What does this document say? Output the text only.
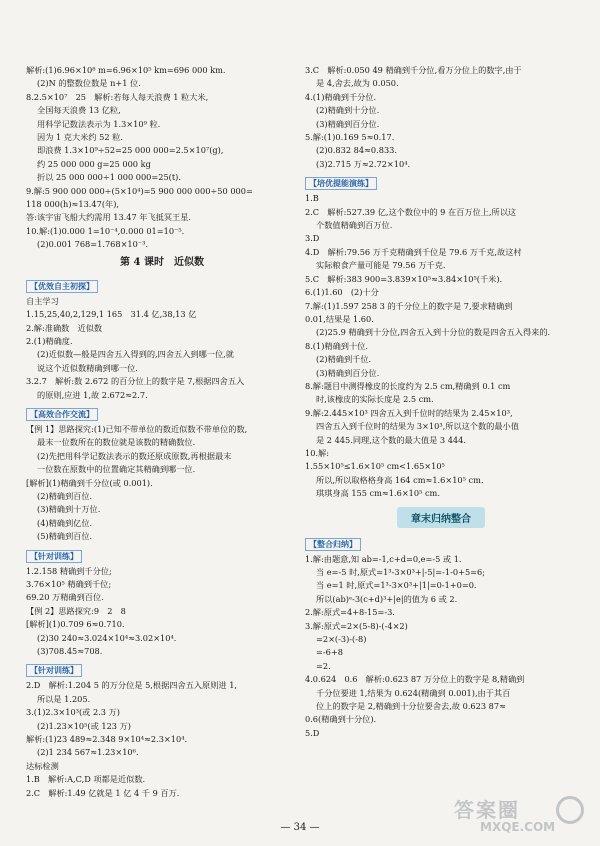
解析:(1)6.96×10⁸ m=6.96×10⁵ km=696 000 km.
(2)N 的整数位数是 n+1 位.
8.2.5×10⁷　25　解析:若每人每天浪费 1 粒大米,
全国每天浪费 13 亿粒,
用科学记数法表示为 1.3×10⁹ 粒.
因为 1 克大米约 52 粒.
即浪费 1.3×10⁹÷52=25 000 000=2.5×10⁷(g),
约 25 000 000 g=25 000 kg
折以 25 000 000÷1 000 000=25(t).
9.解:5 900 000 000÷(5×10⁴)=5 900 000 000÷50 000=
118 000(h)≈13.47(年),
答:该宇宙飞船大约需用 13.47 年飞抵冥王星.
10.解:(1)0.000 1=10⁻⁴,0.000 01=10⁻⁵.
(2)0.001 768=1.768×10⁻³.
第 4 课时　近似数
【优效自主初探】
自主学习
1.15,25,40,2,129,1 165　31.4 亿,38,13 亿
2.解:准确数　近似数
2.(1)精确度.
(2)近似数—般是四舍五入得到的,四舍五入到哪一位,就
说这个近似数精确到哪一位.
3.2.7　解析:数 2.672 的百分位上的数字是 7,根据四舍五入
的原则,应进 1,故 2.672≈2.7.
【高效合作交流】
【例 1】思路探究:(1)已知不带单位的数近似数不带单位的数,
最末一位数所在的数位就是该数的精确数位.
(2)先把用科学记数法表示的数还原成原数,再根据最末
一位数在原数中的位置确定其精确到哪一位.
[解析](1)精确到千分位(或 0.001).
(2)精确到百位.
(3)精确到十万位.
(4)精确到亿位.
(5)精确到百位.
【针对训练】
1.2.158 精确到千分位;
3.76×10⁵ 精确到千位;
69.20 万精确到百位.
【例 2】思路探究:9　2　8
[解析](1)0.709 6≈0.710.
(2)30 240≈3.024×10⁴≈3.02×10⁴.
(3)708.45≈708.
【针对训练】
2.D　解析:1.204 5 的万分位是 5,根据四舍五入原则进 1,
所以是 1.205.
3.(1)2.3×10³(或 2.3 万)
(2)1.23×10⁵(或 123 万)
解析:(1)23 489≈2.348 9×10⁴≈2.3×10⁴.
(2)1 234 567≈1.23×10⁶.
达标检测
1.B　解析:A,C,D 项都是近似数.
2.C　解析:1.49 亿就是 1 亿 4 千 9 百万.
3.C　解析:0.050 49 精确到千分位,看万分位上的数字,由于
是 4,舍去,故为 0.050.
4.(1)精确到千分位.
(2)精确到十分位.
(3)精确到百分位.
5.解:(1)0.169 5≈0.17.
(2)0.832 84≈0.833.
(3)2.715 万≈2.72×10⁴.
【培优提能演练】
1.B
2.C　解析:527.39 亿,这个数位中的 9 在百万位上,所以这
个数值精确到百万位.
3.D
4.D　解析:79.56 万千克精确到千位是 79.6 万千克,故这村
实际粮食产量可能是 79.56 万千克.
5.C　解析:383 900=3.839×10⁵≈3.84×10⁵(千米).
6.(1)1.60　(2)十分
7.解:(1)1.597 258 3 的千分位上的数字是 7,要求精确到
0.01,结果是 1.60.
(2)25.9 精确到十分位,四舍五入到十分位的数是四舍五入得来的.
8.(1)精确到十位.
(2)精确到千位.
(3)精确到百分位.
8.解:题目中测得橡皮的长度约为 2.5 cm,精确到 0.1 cm
时,该橡皮的实际长度是 2.5 cm.
9.解:2.445×10³ 四舍五入到千位时的结果为 2.45×10³,
四舍五入到千位时的结果为 3×10³,所以这个数的最小值
是 2 445.同理,这个数的最大值是 3 444.
10.解:
1.55×10⁵≤1.6×10⁵ cm<1.65×10⁵
所以,所以取格格身高 164 cm≈1.6×10⁵ cm.
琪琪身高 155 cm≈1.6×10⁵ cm.
章末归纳整合
【整合归纳】
1.解:由题意,知 ab=-1,c+d=0,e=-5 或 1.
当 e=-5 时,原式=1³-3×0³+|-5|=-1-0+5=6;
当 e=1 时,原式=1³-3×0³+|1|=0-1+0=0.
所以(ab)ᵉ-3(c+d)³+|e|的值为 6 或 2.
2.解:原式=4+8-15=-3.
3.解:原式=2×(5-8)-(-4×2)
=2×(-3)-(-8)
=-6+8
=2.
4.0.624　0.6　解析:0.623 87 万分位上的数字是 8,精确到
千分位要进 1,结果为 0.624(精确到 0.001),由于其百
位上的数字是 2,精确到十分位要舍去,故 0.623 87≈
0.6(精确到十分位).
5.D
— 34 —
答案圈
MXQE.COM
